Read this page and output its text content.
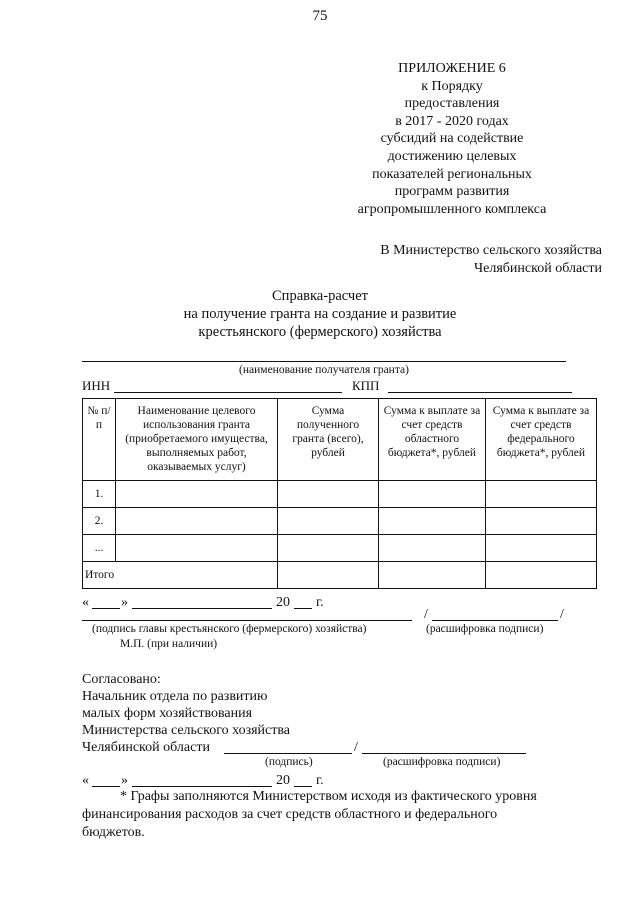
75
ПРИЛОЖЕНИЕ 6
к Порядку
предоставления
в 2017 - 2020 годах
субсидий на содействие
достижению целевых
показателей региональных
программ развития
агропромышленного комплекса
В Министерство сельского хозяйства
Челябинской области
Справка-расчет
на получение гранта на создание и развитие
крестьянского (фермерского) хозяйства
(наименование получателя гранта)
ИНН	КПП
№ п/п	Наименование целевого использования гранта (приобретаемого имущества, выполняемых работ, оказываемых услуг)	Сумма полученного гранта (всего), рублей	Сумма к выплате за счет средств областного бюджета*, рублей	Сумма к выплате за счет средств федерального бюджета*, рублей
1.				
2.				
...				
Итого				
« »	20 г.
/	/
(подпись главы крестьянского (фермерского) хозяйства)	(расшифровка подписи)
М.П. (при наличии)
Согласовано:
Начальник отдела по развитию
малых форм хозяйствования
Министерства сельского хозяйства
Челябинской области	/
(подпись)	(расшифровка подписи)
« »	20 г.
* Графы заполняются Министерством исходя из фактического уровня
финансирования расходов за счет средств областного и федерального
бюджетов.
